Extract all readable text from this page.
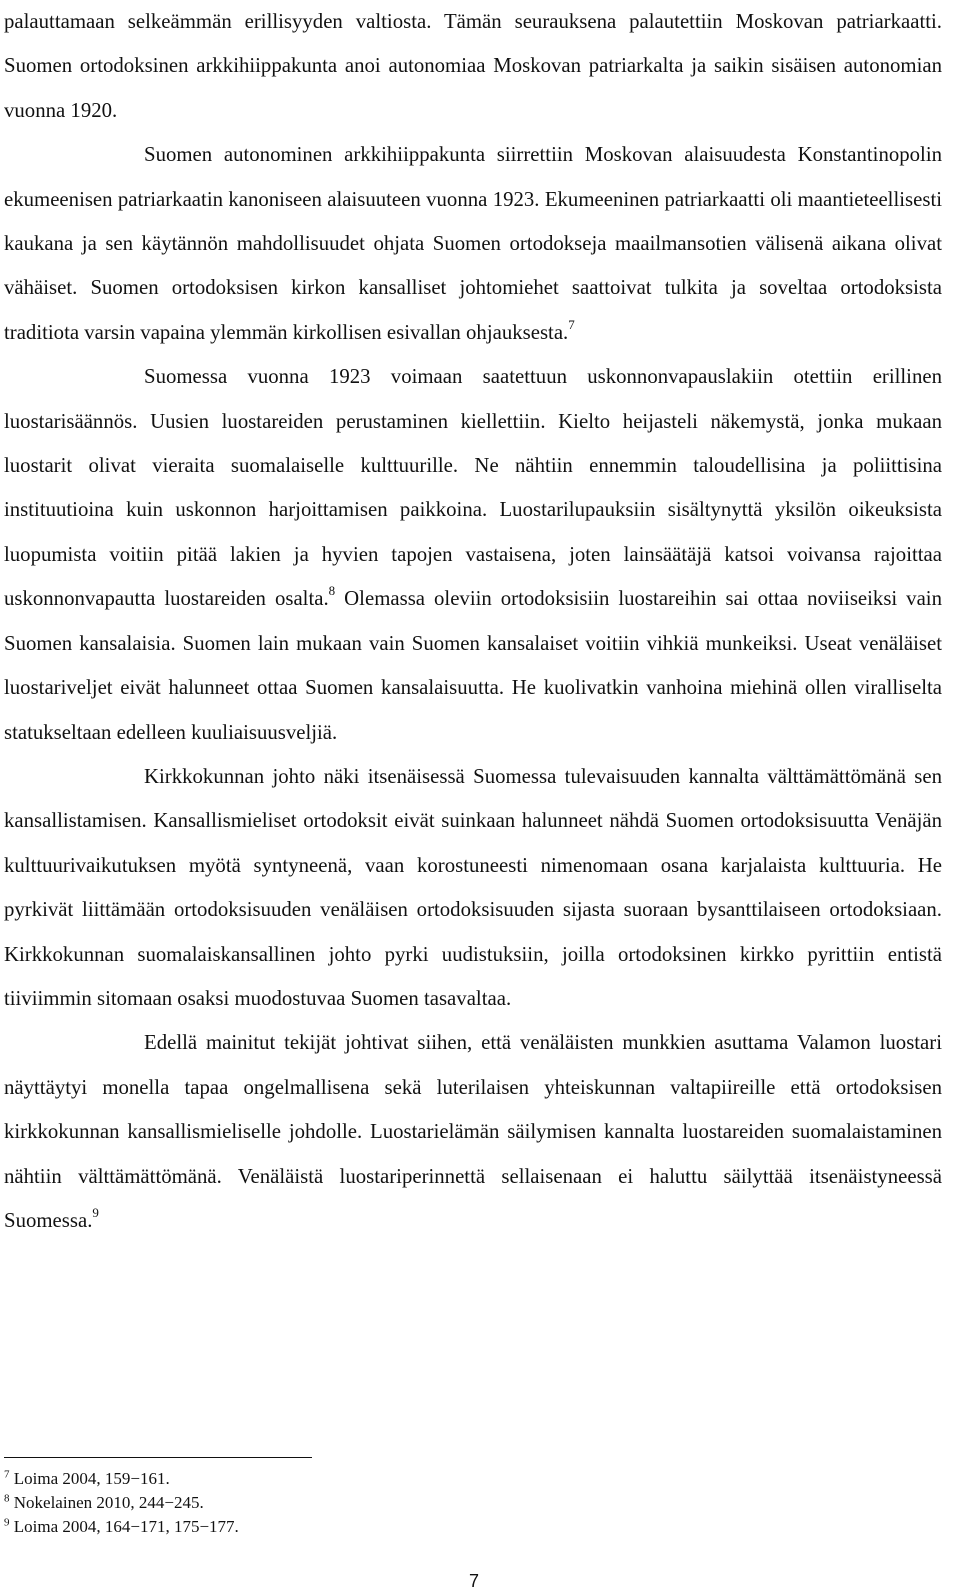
palauttamaan selkeämmän erillisyyden valtiosta. Tämän seurauksena palautettiin Moskovan patriarkaatti. Suomen ortodoksinen arkkihiippakunta anoi autonomiaa Moskovan patriarkalta ja saikin sisäisen autonomian vuonna 1920.

Suomen autonominen arkkihiippakunta siirrettiin Moskovan alaisuudesta Konstantinopolin ekumeenisen patriarkaatin kanoniseen alaisuuteen vuonna 1923. Ekumeeninen patriarkaatti oli maantieteellisesti kaukana ja sen käytännön mahdollisuudet ohjata Suomen ortodokseja maailmansotien välisenä aikana olivat vähäiset. Suomen ortodoksisen kirkon kansalliset johtomiehet saattoivat tulkita ja soveltaa ortodoksista traditiota varsin vapaina ylemmän kirkollisen esivallan ohjauksesta.$^7$

Suomessa vuonna 1923 voimaan saatettuun uskonnonvapauslakiin otettiin erillinen luostarisäännös. Uusien luostareiden perustaminen kiellettiin. Kielto heijasteli näkemystä, jonka mukaan luostarit olivat vieraita suomalaiselle kulttuurille. Ne nähtiin ennemmin taloudellisina ja poliittisina instituutioina kuin uskonnon harjoittamisen paikkoina. Luostarilupauksiin sisältynyttä yksilön oikeuksista luopumista voitiin pitää lakien ja hyvien tapojen vastaisena, joten lainsäätäjä katsoi voivansa rajoittaa uskonnonvapautta luostareiden osalta.$^8$ Olemassa oleviin ortodoksisiin luostareihin sai ottaa noviiseiksi vain Suomen kansalaisia. Suomen lain mukaan vain Suomen kansalaiset voitiin vihkiä munkeiksi. Useat venäläiset luostariveljet eivät halunneet ottaa Suomen kansalaisuutta. He kuolivatkin vanhoina miehinä ollen viralliselta statukseltaan edelleen kuuliaisuusveljiä.

Kirkkokunnan johto näki itsenäisessä Suomessa tulevaisuuden kannalta välttämättömänä sen kansallistamisen. Kansallismieliset ortodoksit eivät suinkaan halunneet nähdä Suomen ortodoksisuutta Venäjän kulttuurivaikutuksen myötä syntyneenä, vaan korostuneesti nimenomaan osana karjalaista kulttuuria. He pyrkivät liittämään ortodoksisuuden venäläisen ortodoksisuuden sijasta suoraan bysanttilaiseen ortodoksiaan. Kirkkokunnan suomalaiskansallinen johto pyrki uudistuksiin, joilla ortodoksinen kirkko pyrittiin entistä tiiviimmin sitomaan osaksi muodostuvaa Suomen tasavaltaa.

Edellä mainitut tekijät johtivat siihen, että venäläisten munkkien asuttama Valamon luostari näyttäytyi monella tapaa ongelmallisena sekä luterilaisen yhteiskunnan valtapiireille että ortodoksisen kirkkokunnan kansallismieliselle johdolle. Luostarielämän säilymisen kannalta luostareiden suomalaistaminen nähtiin välttämättömänä. Venäläistä luostariperinnettä sellaisenaan ei haluttu säilyttää itsenäistyneessä Suomessa.$^9$

$^7$ Loima 2004, 159−161.

$^8$ Nokelainen 2010, 244−245.

$^9$ Loima 2004, 164−171, 175−177.

7
